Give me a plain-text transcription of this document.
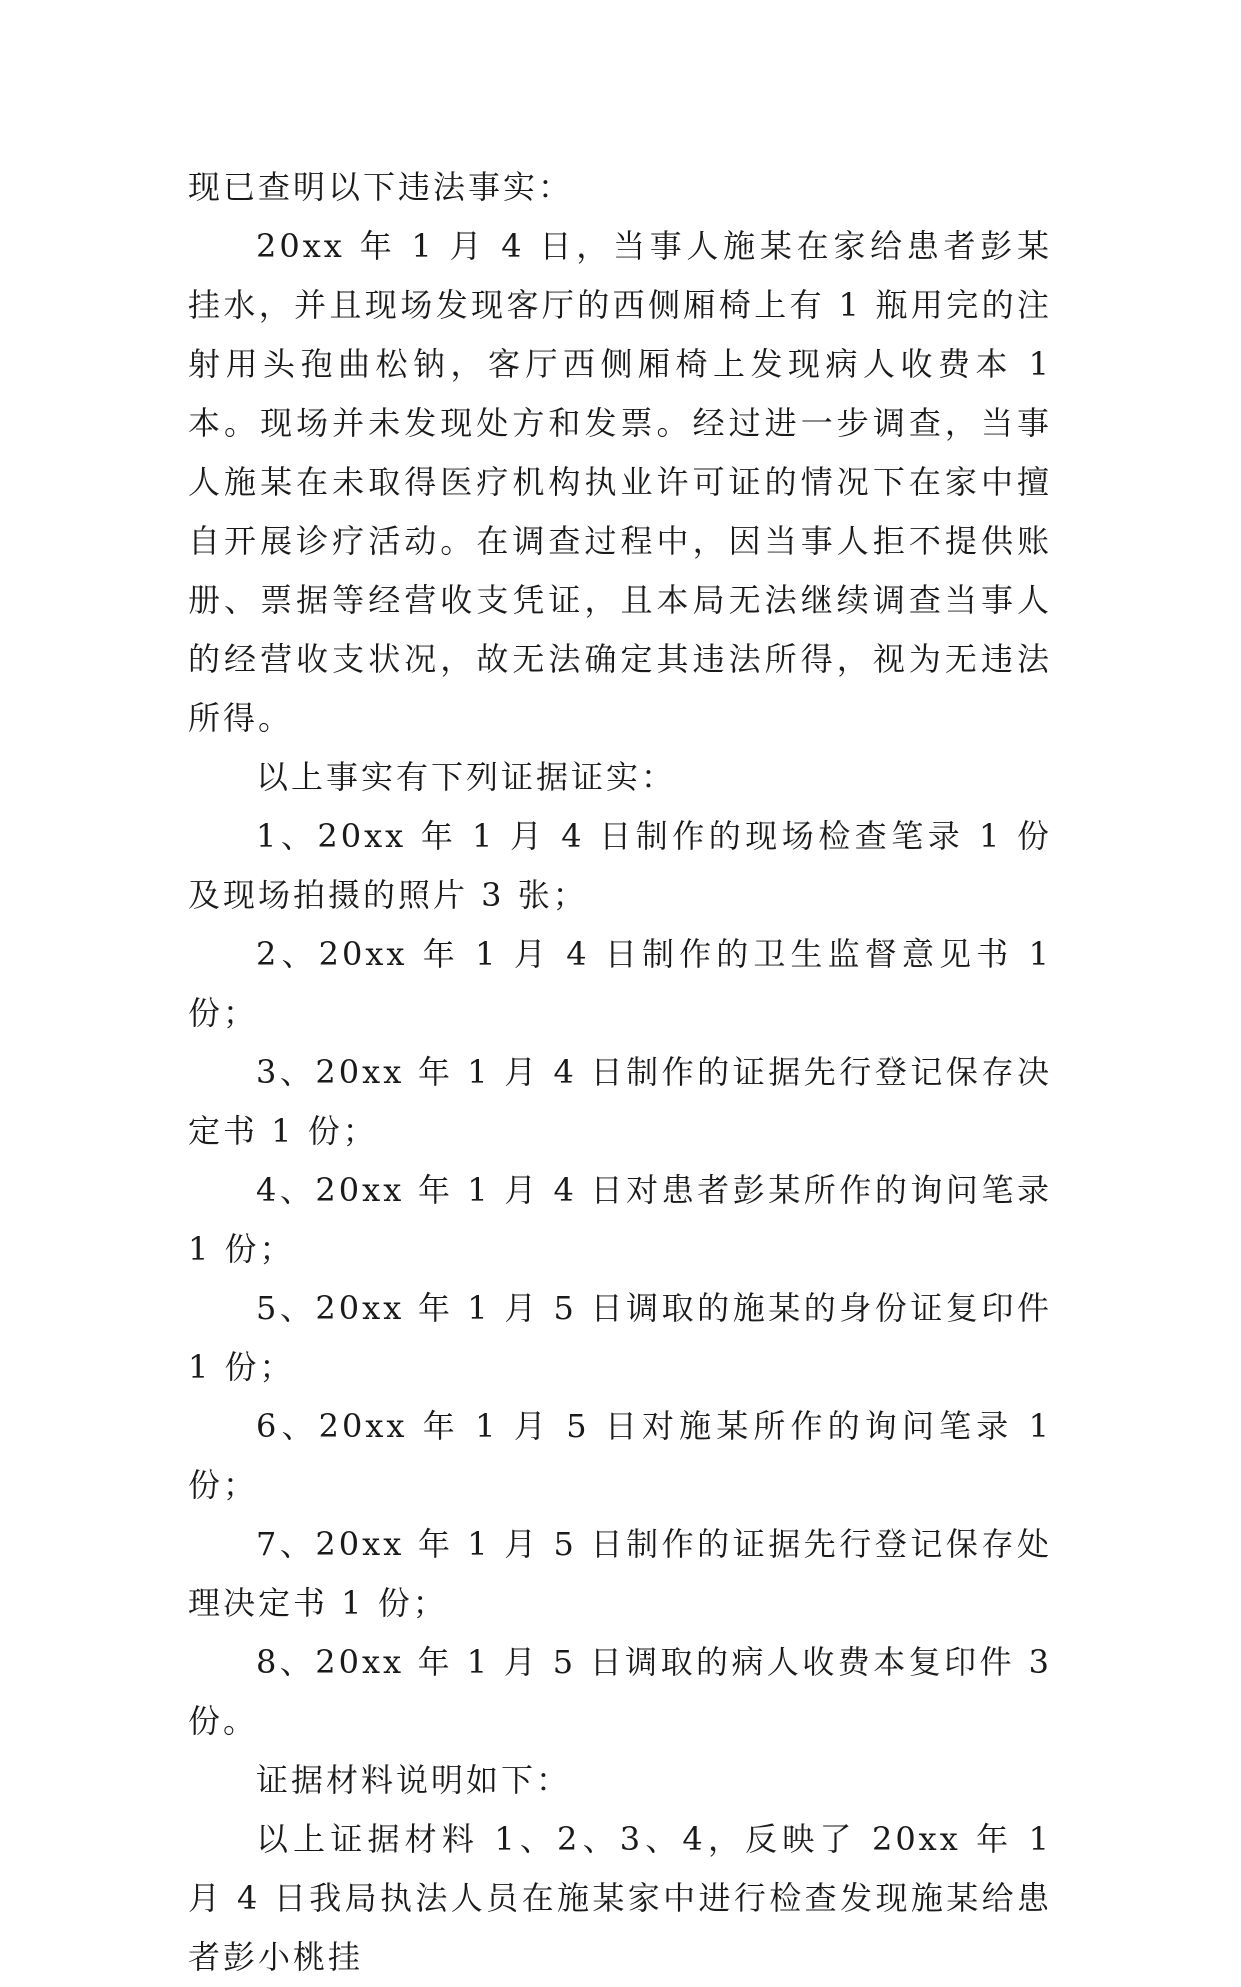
现已查明以下违法事实：

20xx 年 1 月 4 日，当事人施某在家给患者彭某挂水，并且现场发现客厅的西侧厢椅上有 1 瓶用完的注射用头孢曲松钠，客厅西侧厢椅上发现病人收费本 1 本。现场并未发现处方和发票。经过进一步调查，当事人施某在未取得医疗机构执业许可证的情况下在家中擅自开展诊疗活动。在调查过程中，因当事人拒不提供账册、票据等经营收支凭证，且本局无法继续调查当事人的经营收支状况，故无法确定其违法所得，视为无违法所得。

以上事实有下列证据证实：

1、20xx 年 1 月 4 日制作的现场检查笔录 1 份及现场拍摄的照片 3 张；

2、20xx 年 1 月 4 日制作的卫生监督意见书 1 份；

3、20xx 年 1 月 4 日制作的证据先行登记保存决定书 1 份；

4、20xx 年 1 月 4 日对患者彭某所作的询问笔录 1 份；

5、20xx 年 1 月 5 日调取的施某的身份证复印件 1 份；

6、20xx 年 1 月 5 日对施某所作的询问笔录 1 份；

7、20xx 年 1 月 5 日制作的证据先行登记保存处理决定书 1 份；

8、20xx 年 1 月 5 日调取的病人收费本复印件 3 份。

证据材料说明如下：

以上证据材料 1、2、3、4，反映了 20xx 年 1 月 4 日我局执法人员在施某家中进行检查发现施某给患者彭小桃挂
